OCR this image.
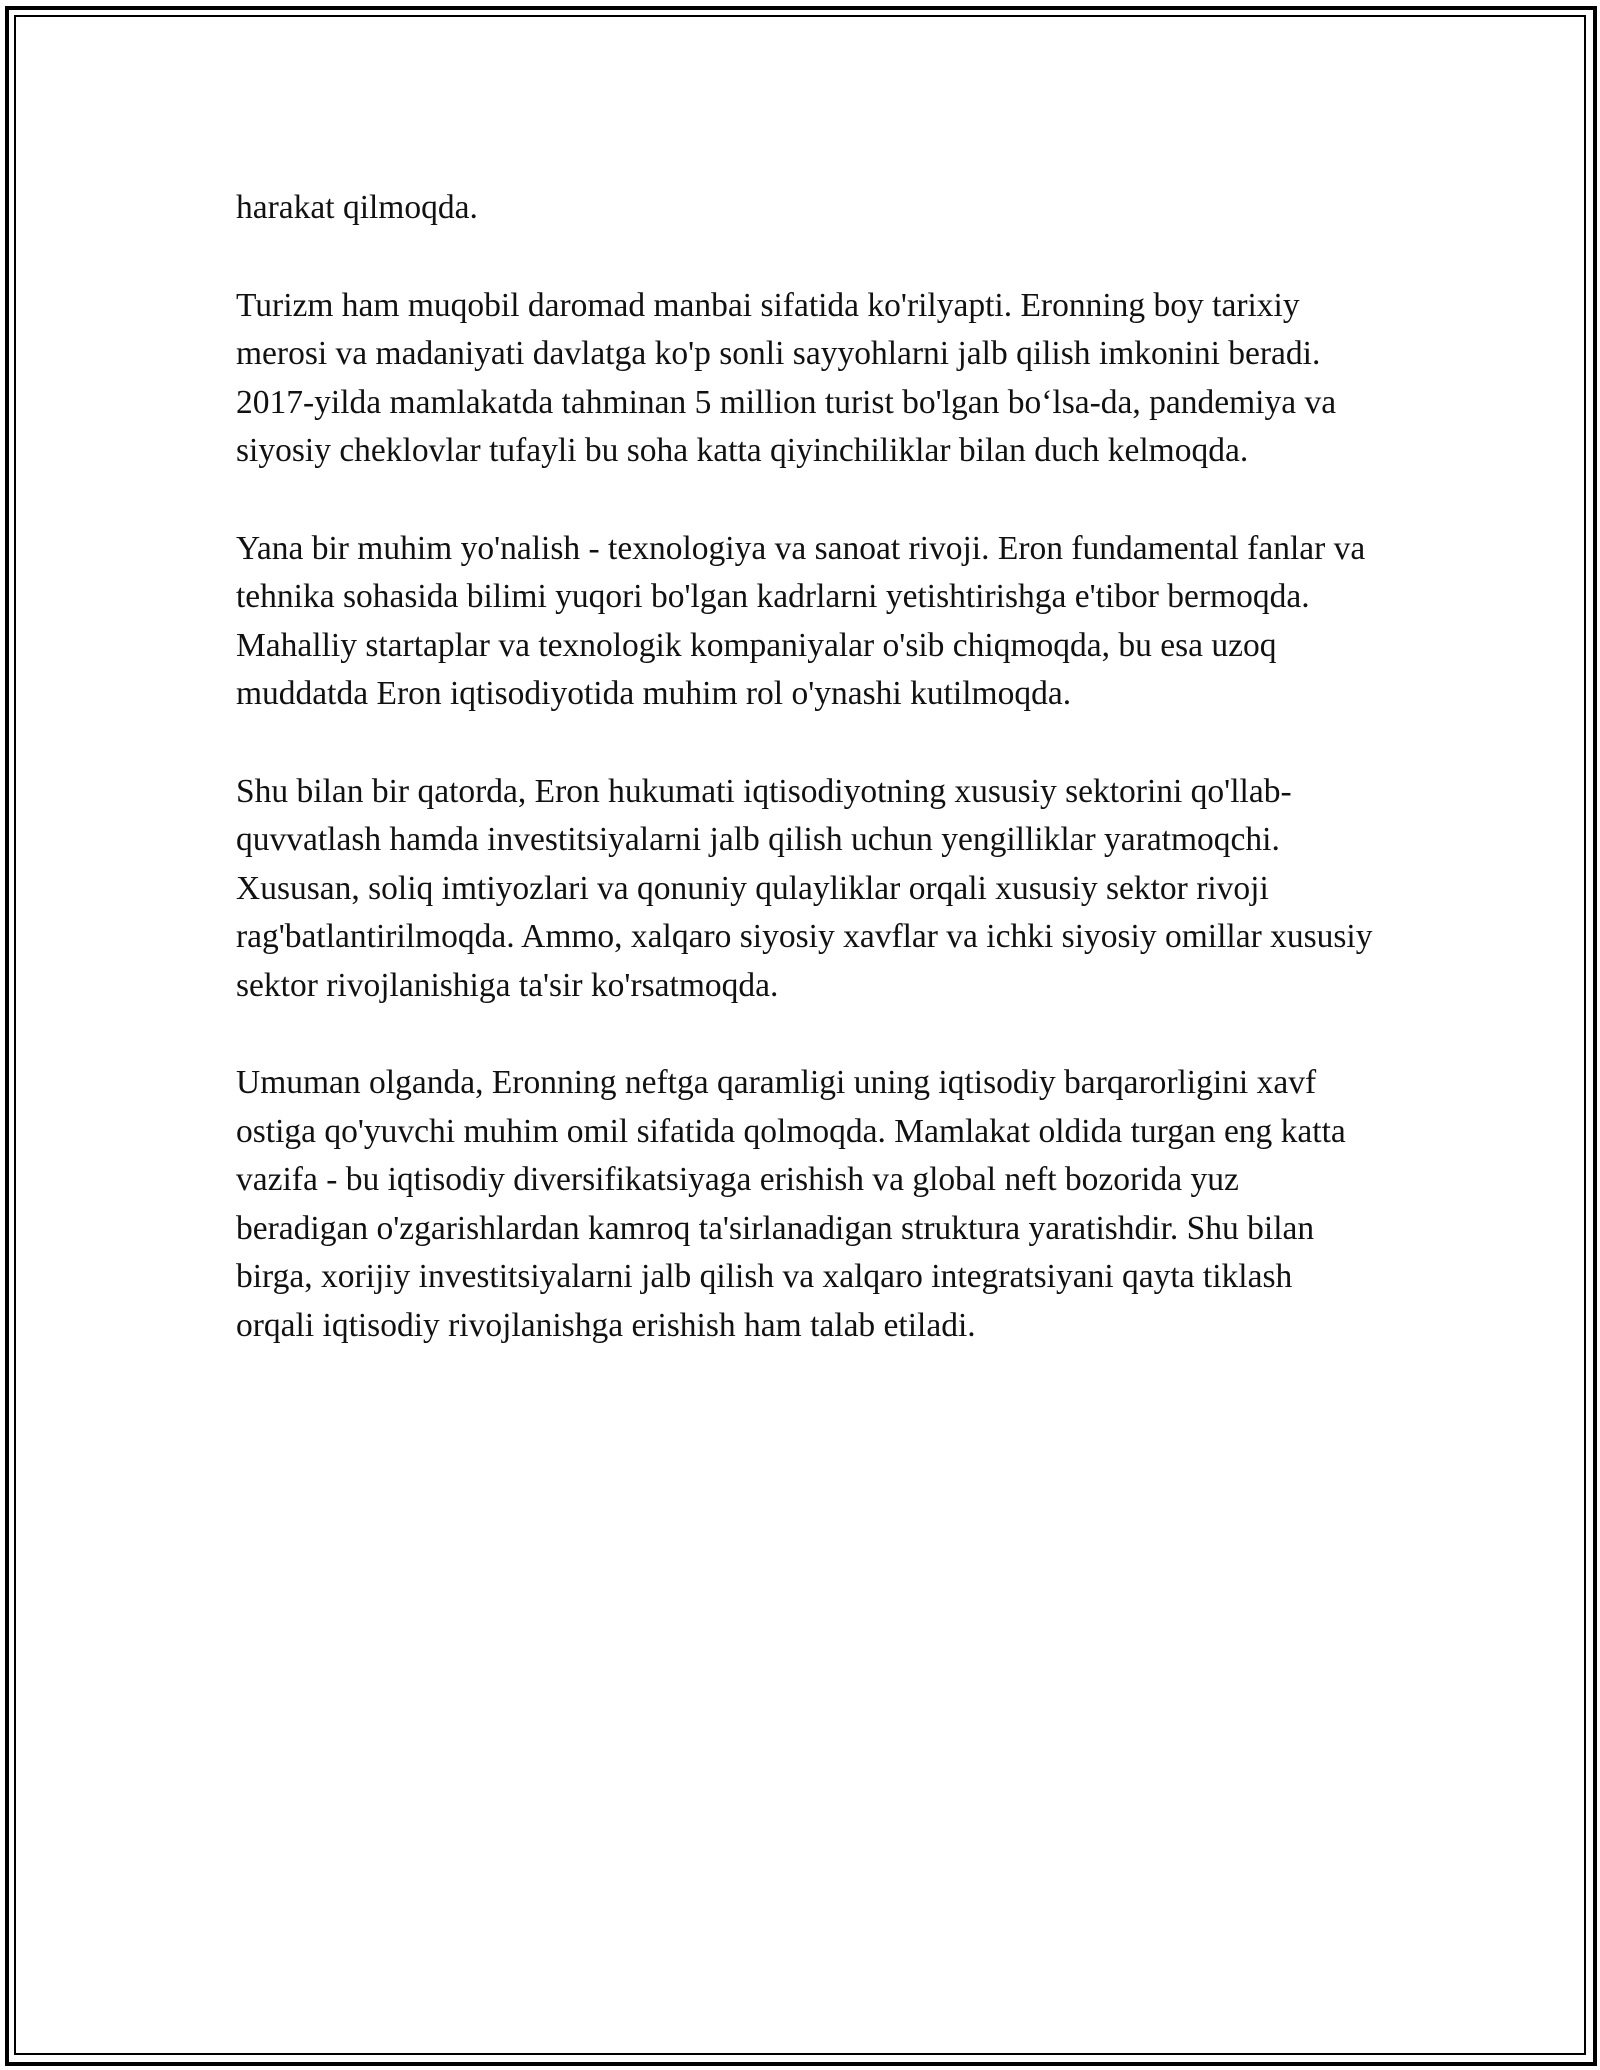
harakat qilmoqda.

Turizm ham muqobil daromad manbai sifatida ko'rilyapti. Eronning boy tarixiy merosi va madaniyati davlatga ko'p sonli sayyohlarni jalb qilish imkonini beradi. 2017-yilda mamlakatda tahminan 5 million turist bo'lgan bo‘lsa-da, pandemiya va siyosiy cheklovlar tufayli bu soha katta qiyinchiliklar bilan duch kelmoqda.

Yana bir muhim yo'nalish - texnologiya va sanoat rivoji. Eron fundamental fanlar va tehnika sohasida bilimi yuqori bo'lgan kadrlarni yetishtirishga e'tibor bermoqda. Mahalliy startaplar va texnologik kompaniyalar o'sib chiqmoqda, bu esa uzoq muddatda Eron iqtisodiyotida muhim rol o'ynashi kutilmoqda.

Shu bilan bir qatorda, Eron hukumati iqtisodiyotning xususiy sektorini qo'llab-quvvatlash hamda investitsiyalarni jalb qilish uchun yengilliklar yaratmoqchi. Xususan, soliq imtiyozlari va qonuniy qulayliklar orqali xususiy sektor rivoji rag'batlantirilmoqda. Ammo, xalqaro siyosiy xavflar va ichki siyosiy omillar xususiy sektor rivojlanishiga ta'sir ko'rsatmoqda.

Umuman olganda, Eronning neftga qaramligi uning iqtisodiy barqarorligini xavf ostiga qo'yuvchi muhim omil sifatida qolmoqda. Mamlakat oldida turgan eng katta vazifa - bu iqtisodiy diversifikatsiyaga erishish va global neft bozorida yuz beradigan o'zgarishlardan kamroq ta'sirlanadigan struktura yaratishdir. Shu bilan birga, xorijiy investitsiyalarni jalb qilish va xalqaro integratsiyani qayta tiklash orqali iqtisodiy rivojlanishga erishish ham talab etiladi.
